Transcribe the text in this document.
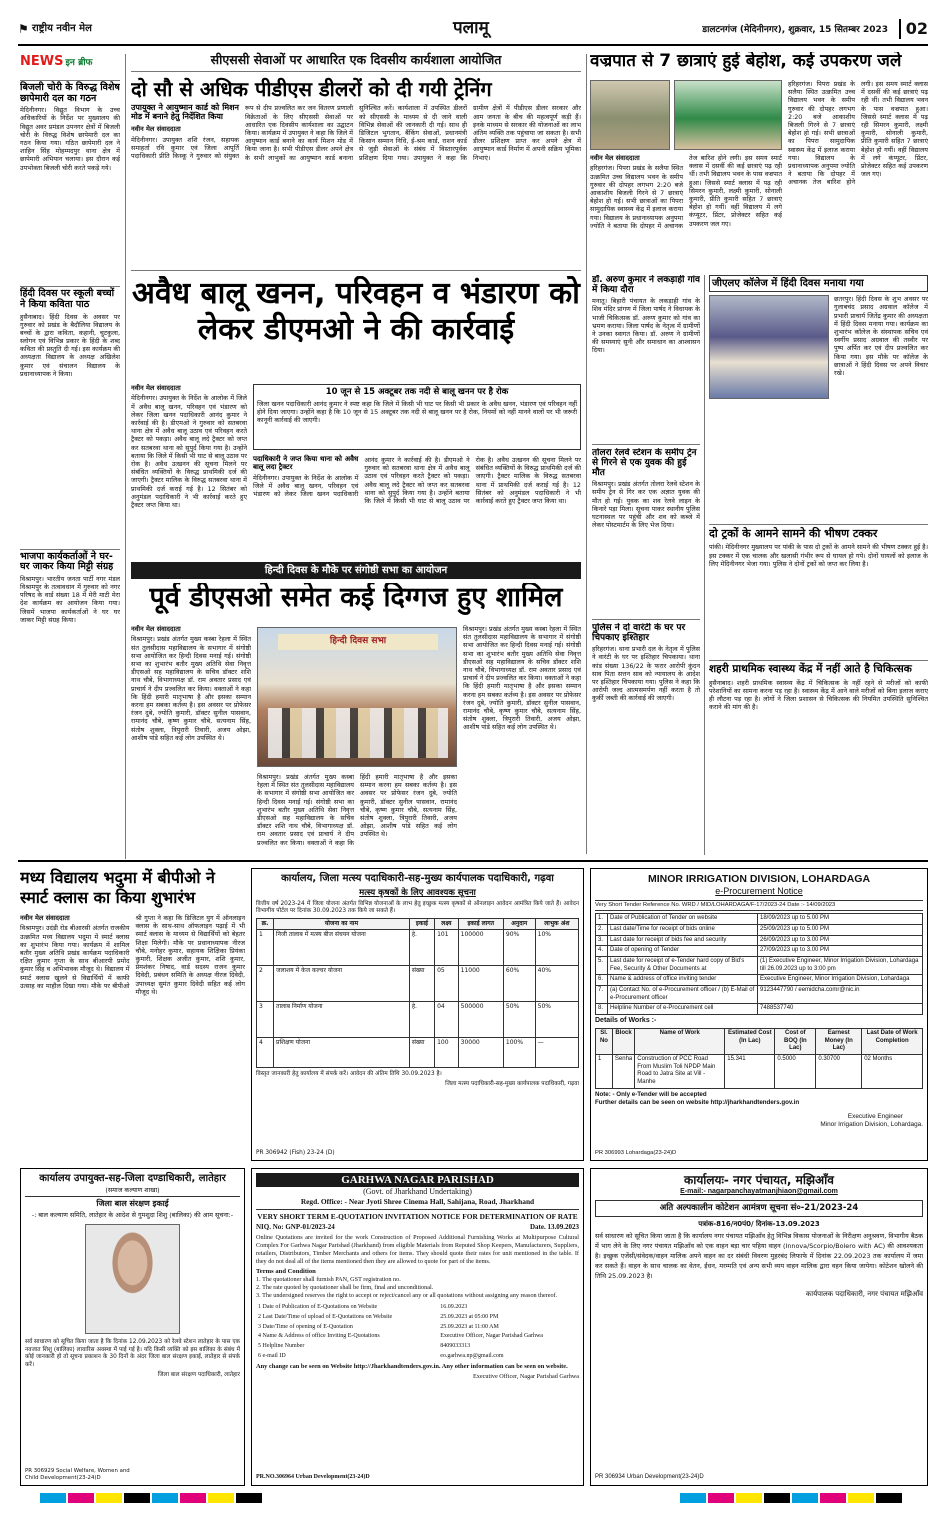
⚑ राष्ट्रीय नवीन मेल	पलामू	डालटनगंज (मेदिनीनगर), शुक्रवार, 15 सितम्बर 2023	02
NEWS इन ब्रीफ
बिजली चोरी के विरुद्ध विशेष छापेमारी दल का गठन
मेदिनीनगर। विद्युत विभाग के उच्च अधिकारियों के निर्देश पर मुख्यालय की विद्युत अवर प्रमंडल उपनगर क्षेत्रों में बिजली चोरी के विरुद्ध विशेष छापेमारी दल का गठन किया गया। गठित छापेमारी दल ने शाहिन सिंह मोहम्मदपुर थाना क्षेत्र में छापेमारी अभियान चलाया। इस दौरान कई उपभोक्ता बिजली चोरी करते पकड़े गये।
हिंदी दिवस पर स्कूली बच्चों ने किया कविता पाठ
हुसैनाबाद। हिंदी दिवस के अवसर पर गुरुवार को प्रखंड के बैदौलिया विद्यालय के बच्चों के द्वारा कविता, कहानी, चुटकुला, स्लोगन एवं विभिन्न प्रकार के हिंदी के शब्द कविता की प्रस्तुति दी गई। इस कार्यक्रम की अध्यक्षता विद्यालय के अध्यक्ष अखिलेश कुमार एवं संचालन विद्यालय के प्रधानाध्यापक ने किया।
भाजपा कार्यकर्ताओं ने घर-घर जाकर किया मिट्टी संग्रह
विश्रामपुर। भारतीय जनता पार्टी नगर मंडल विश्रामपुर के तत्वावधान में गुरुवार को नगर परिषद के वार्ड संख्या 18 में मेरी माटी मेरा देश कार्यक्रम का आयोजन किया गया। जिसमें भाजपा कार्यकर्ताओं ने घर घर जाकर मिट्टी संग्रह किया।
सीएससी सेवाओं पर आधारित एक दिवसीय कार्यशाला आयोजित
दो सौ से अधिक पीडीएस डीलरों को दी गयी ट्रेनिंग
उपायुक्त ने आयुष्मान कार्ड को मिशन मोड में बनाने हेतु निर्देशित किया
नवीन मेल संवाददाता
मेदिनीनगर। उपायुक्त शशि रंजन, सहायक समाहर्ता रवि कुमार एवं जिला आपूर्ति पदाधिकारी प्रीति किस्कू ने गुरुवार को संयुक्त रूप से दीप प्रज्वलित कर जन वितरण प्रणाली विक्रेताओं के लिए सीएससी सेवाओं पर आधारित एक दिवसीय कार्यशाला का उद्घाटन किया। कार्यक्रम में उपायुक्त ने कहा कि जिले में आयुष्मान कार्ड बनाने का कार्य मिशन मोड में किया जाना है। सभी पीडीएस डीलर अपने क्षेत्र के सभी लाभुकों का आयुष्मान कार्ड बनाना सुनिश्चित करें। कार्यशाला में उपस्थित डीलरों को सीएससी के माध्यम से दी जाने वाली विभिन्न सेवाओं की जानकारी दी गई। साथ ही डिजिटल भुगतान, बैंकिंग सेवाओं, प्रधानमंत्री किसान सम्मान निधि, ई-श्रम कार्ड, राशन कार्ड से जुड़ी सेवाओं के संबंध में विस्तारपूर्वक प्रशिक्षण दिया गया। उपायुक्त ने कहा कि ग्रामीण क्षेत्रों में पीडीएस डीलर सरकार और आम जनता के बीच की महत्वपूर्ण कड़ी हैं। इनके माध्यम से सरकार की योजनाओं का लाभ अंतिम व्यक्ति तक पहुंचाया जा सकता है। सभी डीलर प्रशिक्षण प्राप्त कर अपने क्षेत्र में आयुष्मान कार्ड निर्माण में अपनी सक्रिय भूमिका निभाएं।
अवैध बालू खनन, परिवहन व भंडारण को लेकर डीएमओ ने की कार्रवाई
10 जून से 15 अक्टूबर तक नदी से बालू खनन पर है रोक
जिला खनन पदाधिकारी आनंद कुमार ने स्पष्ट कहा कि जिले में किसी भी घाट पर किसी भी प्रकार के अवैध खनन, भंडारण एवं परिवहन नहीं होने दिया जाएगा। उन्होंने कहा है कि 10 जून से 15 अक्टूबर तक नदी से बालू खनन पर है रोक, नियमों को नहीं मानने वालों पर भी जरूरी कानूनी कार्रवाई की जाएगी।
नवीन मेल संवाददाता
मेदिनीनगर। उपायुक्त के निर्देश के आलोक में जिले में अवैध बालू खनन, परिवहन एवं भंडारण को लेकर जिला खनन पदाधिकारी आनंद कुमार ने कार्रवाई की है। डीएमओ ने गुरुवार को सतबरवा थाना क्षेत्र में अवैध बालू उठाव एवं परिवहन करते ट्रैक्टर को पकड़ा। अवैध बालू लदे ट्रैक्टर को जप्त कर सतबरवा थाना को सुपुर्द किया गया है। उन्होंने बताया कि जिले में किसी भी घाट से बालू उठाव पर रोक है। अवैध उत्खनन की सूचना मिलने पर संबंधित व्यक्तियों के विरुद्ध प्राथमिकी दर्ज की जाएगी। ट्रैक्टर मालिक के विरुद्ध सतबरवा थाना में प्राथमिकी दर्ज कराई गई है। 12 सितंबर को अनुमंडल पदाधिकारी ने भी कार्रवाई करते हुए ट्रैक्टर जप्त किया था।
पदाधिकारी ने जप्त किया थाना को अवैध बालू लदा ट्रैक्टर
मेदिनीनगर। उपायुक्त के निर्देश के आलोक में जिले में अवैध बालू खनन, परिवहन एवं भंडारण को लेकर जिला खनन पदाधिकारी आनंद कुमार ने कार्रवाई की है। डीएमओ ने गुरुवार को सतबरवा थाना क्षेत्र में अवैध बालू उठाव एवं परिवहन करते ट्रैक्टर को पकड़ा। अवैध बालू लदे ट्रैक्टर को जप्त कर सतबरवा थाना को सुपुर्द किया गया है। उन्होंने बताया कि जिले में किसी भी घाट से बालू उठाव पर रोक है। अवैध उत्खनन की सूचना मिलने पर संबंधित व्यक्तियों के विरुद्ध प्राथमिकी दर्ज की जाएगी। ट्रैक्टर मालिक के विरुद्ध सतबरवा थाना में प्राथमिकी दर्ज कराई गई है। 12 सितंबर को अनुमंडल पदाधिकारी ने भी कार्रवाई करते हुए ट्रैक्टर जप्त किया था।
हिन्दी दिवस के मौके पर संगोष्ठी सभा का आयोजन
पूर्व डीएसओ समेत कई दिग्गज हुए शामिल
नवीन मेल संवाददाता
विश्रामपुर। प्रखंड अंतर्गत मुख्य कस्बा रेहला में स्थित संत तुलसीदास महाविद्यालय के सभागार में संगोष्ठी सभा आयोजित कर हिन्दी दिवस मनाई गई। संगोष्ठी सभा का शुभारंभ बतौर मुख्य अतिथि सेवा निवृत्त डीएसओ सह महाविद्यालय के सचिव डॉक्टर शशि नाथ चौबे, विभागाध्यक्ष डॉ. राम अवतार प्रसाद एवं प्राचार्य ने दीप प्रज्वलित कर किया। वक्ताओं ने कहा कि हिंदी हमारी मातृभाषा है और इसका सम्मान करना हम सबका कर्तव्य है। इस अवसर पर प्रोफेसर रंजन दुबे, ज्योति कुमारी, डॉक्टर सुनील पासवान, रामानंद चौबे, कृष्ण कुमार चौबे, सत्यनाम सिंह, संतोष शुक्ला, त्रिपुरारी तिवारी, अजय ओझा, आशीष पांडे सहित कई लोग उपस्थित थे।
हिन्दी दिवस सभा
विश्रामपुर। प्रखंड अंतर्गत मुख्य कस्बा रेहला में स्थित संत तुलसीदास महाविद्यालय के सभागार में संगोष्ठी सभा आयोजित कर हिन्दी दिवस मनाई गई। संगोष्ठी सभा का शुभारंभ बतौर मुख्य अतिथि सेवा निवृत्त डीएसओ सह महाविद्यालय के सचिव डॉक्टर शशि नाथ चौबे, विभागाध्यक्ष डॉ. राम अवतार प्रसाद एवं प्राचार्य ने दीप प्रज्वलित कर किया। वक्ताओं ने कहा कि हिंदी हमारी मातृभाषा है और इसका सम्मान करना हम सबका कर्तव्य है। इस अवसर पर प्रोफेसर रंजन दुबे, ज्योति कुमारी, डॉक्टर सुनील पासवान, रामानंद चौबे, कृष्ण कुमार चौबे, सत्यनाम सिंह, संतोष शुक्ला, त्रिपुरारी तिवारी, अजय ओझा, आशीष पांडे सहित कई लोग उपस्थित थे।
विश्रामपुर। प्रखंड अंतर्गत मुख्य कस्बा रेहला में स्थित संत तुलसीदास महाविद्यालय के सभागार में संगोष्ठी सभा आयोजित कर हिन्दी दिवस मनाई गई। संगोष्ठी सभा का शुभारंभ बतौर मुख्य अतिथि सेवा निवृत्त डीएसओ सह महाविद्यालय के सचिव डॉक्टर शशि नाथ चौबे, विभागाध्यक्ष डॉ. राम अवतार प्रसाद एवं प्राचार्य ने दीप प्रज्वलित कर किया। वक्ताओं ने कहा कि हिंदी हमारी मातृभाषा है और इसका सम्मान करना हम सबका कर्तव्य है। इस अवसर पर प्रोफेसर रंजन दुबे, ज्योति कुमारी, डॉक्टर सुनील पासवान, रामानंद चौबे, कृष्ण कुमार चौबे, सत्यनाम सिंह, संतोष शुक्ला, त्रिपुरारी तिवारी, अजय ओझा, आशीष पांडे सहित कई लोग उपस्थित थे।
वज्रपात से 7 छात्राएं हुई बेहोश, कई उपकरण जले
नवीन मेल संवाददाता
हरिहरगंज। पिपरा प्रखंड के सलैया स्थित उत्क्रमित उच्च विद्यालय भवन के समीप गुरुवार की दोपहर लगभग 2:20 बजे आकाशीय बिजली गिरने से 7 छात्राएं बेहोश हो गई। सभी छात्राओं का पिपरा सामुदायिक स्वास्थ्य केंद्र में इलाज कराया गया। विद्यालय के प्रधानाध्यापक अनुपमा ज्योति ने बताया कि दोपहर में अचानक तेज बारिश होने लगी। इस समय स्मार्ट क्लास में दसवीं की कई छात्राएं पढ़ रही थीं। तभी विद्यालय भवन के पास वज्रपात हुआ। जिससे स्मार्ट क्लास में पढ़ रही सिमरन कुमारी, लक्ष्मी कुमारी, सोनाली कुमारी, प्रीति कुमारी सहित 7 छात्राएं बेहोश हो गयीं। वहीं विद्यालय में लगे कंप्यूटर, प्रिंटर, प्रोजेक्टर सहित कई उपकरण जल गए।
हरिहरगंज। पिपरा प्रखंड के सलैया स्थित उत्क्रमित उच्च विद्यालय भवन के समीप गुरुवार की दोपहर लगभग 2:20 बजे आकाशीय बिजली गिरने से 7 छात्राएं बेहोश हो गई। सभी छात्राओं का पिपरा सामुदायिक स्वास्थ्य केंद्र में इलाज कराया गया। विद्यालय के प्रधानाध्यापक अनुपमा ज्योति ने बताया कि दोपहर में अचानक तेज बारिश होने लगी। इस समय स्मार्ट क्लास में दसवीं की कई छात्राएं पढ़ रही थीं। तभी विद्यालय भवन के पास वज्रपात हुआ। जिससे स्मार्ट क्लास में पढ़ रही सिमरन कुमारी, लक्ष्मी कुमारी, सोनाली कुमारी, प्रीति कुमारी सहित 7 छात्राएं बेहोश हो गयीं। वहीं विद्यालय में लगे कंप्यूटर, प्रिंटर, प्रोजेक्टर सहित कई उपकरण जल गए।
डॉ. अरुण कुमार ने लकड़ाही गांव में किया दौरा
मनातू। बिहारी पंचायत के लकड़ाही गांव के शिव मंदिर प्रांगण में जिला पार्षद ने विधायक के भाजी चिकित्सक डॉ. अरुण कुमार को गांव का भ्रमण कराया। जिला पार्षद के नेतृत्व में ग्रामीणों ने उनका स्वागत किया। डॉ. अरुण ने ग्रामीणों की समस्याएं सुनी और समाधान का आश्वासन दिया।
तोलरा रेलवे स्टेशन के समीप ट्रेन से गिरने से एक युवक की हुई मौत
विश्रामपुर। प्रखंड अंतर्गत तोलरा रेलवे स्टेशन के समीप ट्रेन से गिर कर एक अज्ञात युवक की मौत हो गई। युवक का शव रेलवे लाइन के किनारे पड़ा मिला। सूचना पाकर स्थानीय पुलिस घटनास्थल पर पहुंची और शव को कब्जे में लेकर पोस्टमार्टम के लिए भेज दिया।
पुलिस ने दो वारंटी के घर पर चिपकाए इश्तिहार
हरिहरगंज। थाना प्रभारी दल के नेतृत्व में पुलिस ने वारंटी के घर पर इश्तिहार चिपकाया। थाना कांड संख्या 136/22 के फरार आरोपी कुंदन साव पिता सत्तन साव को न्यायालय के आदेश पर इश्तिहार चिपकाया गया। पुलिस ने कहा कि आरोपी जल्द आत्मसमर्पण नहीं करता है तो कुर्की जब्ती की कार्रवाई की जाएगी।
जीएलए कॉलेज में हिंदी दिवस मनाया गया
छतरपुर। हिंदी दिवस के शुभ अवसर पर गुलाबचंद प्रसाद अग्रवाल कॉलेज में प्रभारी प्राचार्य जितेंद्र कुमार की अध्यक्षता में हिंदी दिवस मनाया गया। कार्यक्रम का शुभारंभ कॉलेज के संस्थापक सचिव एवं स्वर्गीय प्रसाद अग्रवाल की तस्वीर पर पुष्प अर्पित कर एवं दीप प्रज्वलित कर किया गया। इस मौके पर कॉलेज के छात्राओं ने हिंदी दिवस पर अपने विचार रखे।
दो ट्रकों के आमने सामने की भीषण टक्कर
पांकी। मेदिनीनगर मुख्यालय पर पांकी के पास दो ट्रकों के आमने सामने की भीषण टक्कर हुई है। इस टक्कर में एक चालक और खलासी गंभीर रूप से घायल हो गये। दोनों घायलों को इलाज के लिए मेदिनीनगर भेजा गया। पुलिस ने दोनों ट्रकों को जप्त कर लिया है।
शहरी प्राथमिक स्वास्थ्य केंद्र में नहीं आते है चिकित्सक
हुसैनाबाद। शहरी प्राथमिक स्वास्थ्य केंद्र में चिकित्सक के नहीं रहने से मरीजों को काफी परेशानियों का सामना करना पड़ रहा है। स्वास्थ्य केंद्र में आने वाले मरीजों को बिना इलाज कराए ही लौटना पड़ रहा है। लोगों ने जिला प्रशासन से चिकित्सक की नियमित उपस्थिति सुनिश्चित कराने की मांग की है।
मध्य विद्यालय भदुमा में बीपीओ ने स्मार्ट क्लास का किया शुभारंभ
नवीन मेल संवाददाता
विश्रामपुर। उदंडी रोड बीआरसी अंतर्गत राजकीय उत्क्रमित मध्य विद्यालय भदुमा में स्मार्ट क्लास का शुभारंभ किया गया। कार्यक्रम में शामिल बतौर मुख्य अतिथि प्रखंड कार्यक्रम पदाधिकारी रक्षित कुमार गुप्ता के साथ बीआरपी प्रमोद कुमार सिंह व अभिभावक मौजूद थे। विद्यालय में स्मार्ट क्लास खुलने से विद्यार्थियों में काफी उत्साह का माहौल दिखा गया। मौके पर बीपीओ श्री गुप्ता ने कहा कि डिजिटल युग में ऑनलाइन क्लास के साथ-साथ ऑफलाइन पढ़ाई में भी स्मार्ट क्लास के माध्यम से विद्यार्थियों को बेहतर शिक्षा मिलेगी। मौके पर प्रधानाध्यापक नीरज चौबे, मनोहर कुमार, सहायक शिक्षिका प्रियंका कुमारी, शिक्षक अजीत कुमार, शशि कुमार, प्रेमशंकर निषाद, वार्ड सदस्य राजन कुमार दिवेदी, प्रबंधन समिति के अध्यक्ष नीरज दिवेदी, उपाध्यक्ष सुमंत कुमार दिवेदी सहित कई लोग मौजूद थे।
कार्यालय, जिला मत्स्य पदाधिकारी-सह-मुख्य कार्यपालक पदाधिकारी, गढ़वा
मत्स्य कृषकों के लिए आवश्यक सूचना
वित्तीय वर्ष 2023-24 में जिला योजना अंतर्गत विभिन्न योजनाओं के लाभ हेतु इच्छुक मत्स्य कृषकों से ऑनलाइन आवेदन आमंत्रित किये जाते हैं। आवेदन विभागीय पोर्टल पर दिनांक 30.09.2023 तक किये जा सकते हैं।
क्र.	योजना का नाम	इकाई	लक्ष्य	इकाई लागत	अनुदान	लाभुक अंश
1	निजी तालाब में मत्स्य बीज संचयन योजना	हे.	101	100000	90%	10%
2	जलाशय में केज कल्चर योजना	संख्या	05	11000	60%	40%
3	तालाब निर्माण योजना	हे.	04	500000	50%	50%
4	प्रशिक्षण योजना	संख्या	100	30000	100%	—
विस्तृत जानकारी हेतु कार्यालय में संपर्क करें। आवेदन की अंतिम तिथि 30.09.2023 है।
जिला मत्स्य पदाधिकारी-सह-मुख्य कार्यपालक पदाधिकारी, गढ़वा
PR 306942 (Fish) 23-24 (D)
MINOR IRRIGATION DIVISION, LOHARDAGA
e-Procurement Notice
Very Short Tender Reference No. WRD / MID/LOHARDAGA/F-17/2023-24 Date :- 14/09/2023
1.	Date of Publication of Tender on website	18/09/2023 up to 5.00 PM
2.	Last date/Time for receipt of bids online	25/09/2023 up to 5.00 PM
3.	Last date for receipt of bids fee and security	26/09/2023 up to 3.00 PM
4.	Date of opening of Tender	27/09/2023 up to 3.00 PM
5.	Last date for receipt of e-Tender hard copy of Bid's Fee, Security & Other Documents at	(1) Executive Engineer, Minor Irrigation Division, Lohardaga till 26.09.2023 up to 3:00 pm
6.	Name & address of office inviting tender	Executive Engineer, Minor Irrigation Division, Lohardaga
7.	(a) Contact No. of e-Procurement officer / (b) E-Mail of e-Procurement officer	9123447790 / eemidcha.comr@nic.in
8.	Helpline Number of e-Procurement cell	7488537740
Details of Works :-
Sl. No	Block	Name of Work	Estimated Cost (In Lac)	Cost of BOQ (In Lac)	Earnest Money (In Lac)	Last Date of Work Completion
1	Senha	Construction of PCC Road From Muslim Toli NPDP Main Road to Jatra Site at Vill - Manhe	15.341	0.5000	0.30700	02 Months
Note: - Only e-Tender will be accepted
Further details can be seen on website http://jharkhandtenders.gov.in
Executive Engineer
Minor Irrigation Division, Lohardaga.
PR 306993 Lohardaga(23-24)D
कार्यालय उपायुक्त-सह-जिला दण्डाधिकारी, लातेहार
(समाज कल्याण शाखा)
जिला बाल संरक्षण इकाई
-: बाल कल्याण समिति, लातेहार के आदेश से गुमशुदा शिशु (बालिका) की आम सूचना:-
सर्व साधारण को सूचित किया जाता है कि दिनांक 12.09.2023 को रेलवे स्टेशन लातेहार के पास एक नवजात शिशु (बालिका) लावारिस अवस्था में पाई गई है। यदि किसी व्यक्ति को इस बालिका के संबंध में कोई जानकारी हो तो सूचना प्रकाशन के 30 दिनों के अंदर जिला बाल संरक्षण इकाई, लातेहार से संपर्क करें।
जिला बाल संरक्षण पदाधिकारी, लातेहार
PR 306929 Social Welfare, Women and Child Development(23-24)D
GARHWA NAGAR PARISHAD
(Govt. of Jharkhand Undertaking)
Regd. Office: - Near Jyoti Shree Cinema Hall, Sahijana, Road, Jharkhand
VERY SHORT TERM E-QUOTATION INVITATION NOTICE FOR DETERMINATION OF RATE
NIQ. No: GNP-01/2023-24	Date. 13.09.2023
Online Quotations are invited for the work Construction of Proposed Additional Furnishing Works at Multipurpose Cultural Complex For Garhwa Nagar Parishad (Jharkhand) from eligible Materials from Reputed Shop Keepers, Manufacturers, Suppliers, retailers, Distributors, Timber Merchants and others for items. They should quote their rates for unit mentioned in the table. If they do not deal all of the items mentioned then they are allowed to quote for part of the items.
Terms and Condition
1. The quotationer shall furnish PAN, GST registration no.
2. The rate quoted by quotationer shall be firm, final and unconditional.
3. The undersigned reserves the right to accept or reject/cancel any or all quotations without assigning any reason thereof.
1 Date of Publication of E-Quotations on Website	16.09.2023
2 Last Date/Time of upload of E-Quotations on Website	25.09.2023 at 05:00 PM
3 Date/Time of opening of E-Quotation	25.09.2023 at 11:00 AM
4 Name & Address of office Inviting E-Quotations	Executive Officer, Nagar Parishad Garhwa
5 Helpline Number	8409033313
6 e-mail ID	eo.garhwa.np@gmail.com
Any change can be seen on Website http://Jharkhandtenders.gov.in. Any other information can be seen on website.
Executive Officer, Nagar Parishad Garhwa
PR.NO.306964 Urban Development(23-24)D
कार्यालयः- नगर पंचायत, मझिआँव
E-mail:- nagarpanchayatmanjhiaon@gmail.com
अति अल्पकालीन कोटेशन आमंत्रण सूचना सं०-21/2023-24
पत्रांक-816/न0पं0/ दिनांक-13.09.2023
सर्व साधारण को सूचित किया जाता है कि कार्यालय नगर पंचायत मझिआँव हेतु विभिन्न विकास योजनाओं के निरीक्षण अनुश्रवण, विभागीय बैठक में भाग लेने के लिए नगर पंचायत मझिआँव को एक वाहन बड़ा चार पहिया वाहन (Innova/Scorpio/Bolero with AC) की आवश्यकता है। इच्छुक एजेंसी/संवेदक/वाहन मालिक अपने वाहन का दर संबंधी विवरण मुहरबंद लिफाफे में दिनांक 22.09.2023 तक कार्यालय में जमा कर सकते हैं। वाहन के साथ चालक का वेतन, ईंधन, मरम्मति एवं अन्य सभी व्यय वाहन मालिक द्वारा वहन किया जायेगा। कोटेशन खोलने की तिथि 25.09.2023 है।
कार्यपालक पदाधिकारी, नगर पंचायत मझिआँव
PR 306934 Urban Development(23-24)D
